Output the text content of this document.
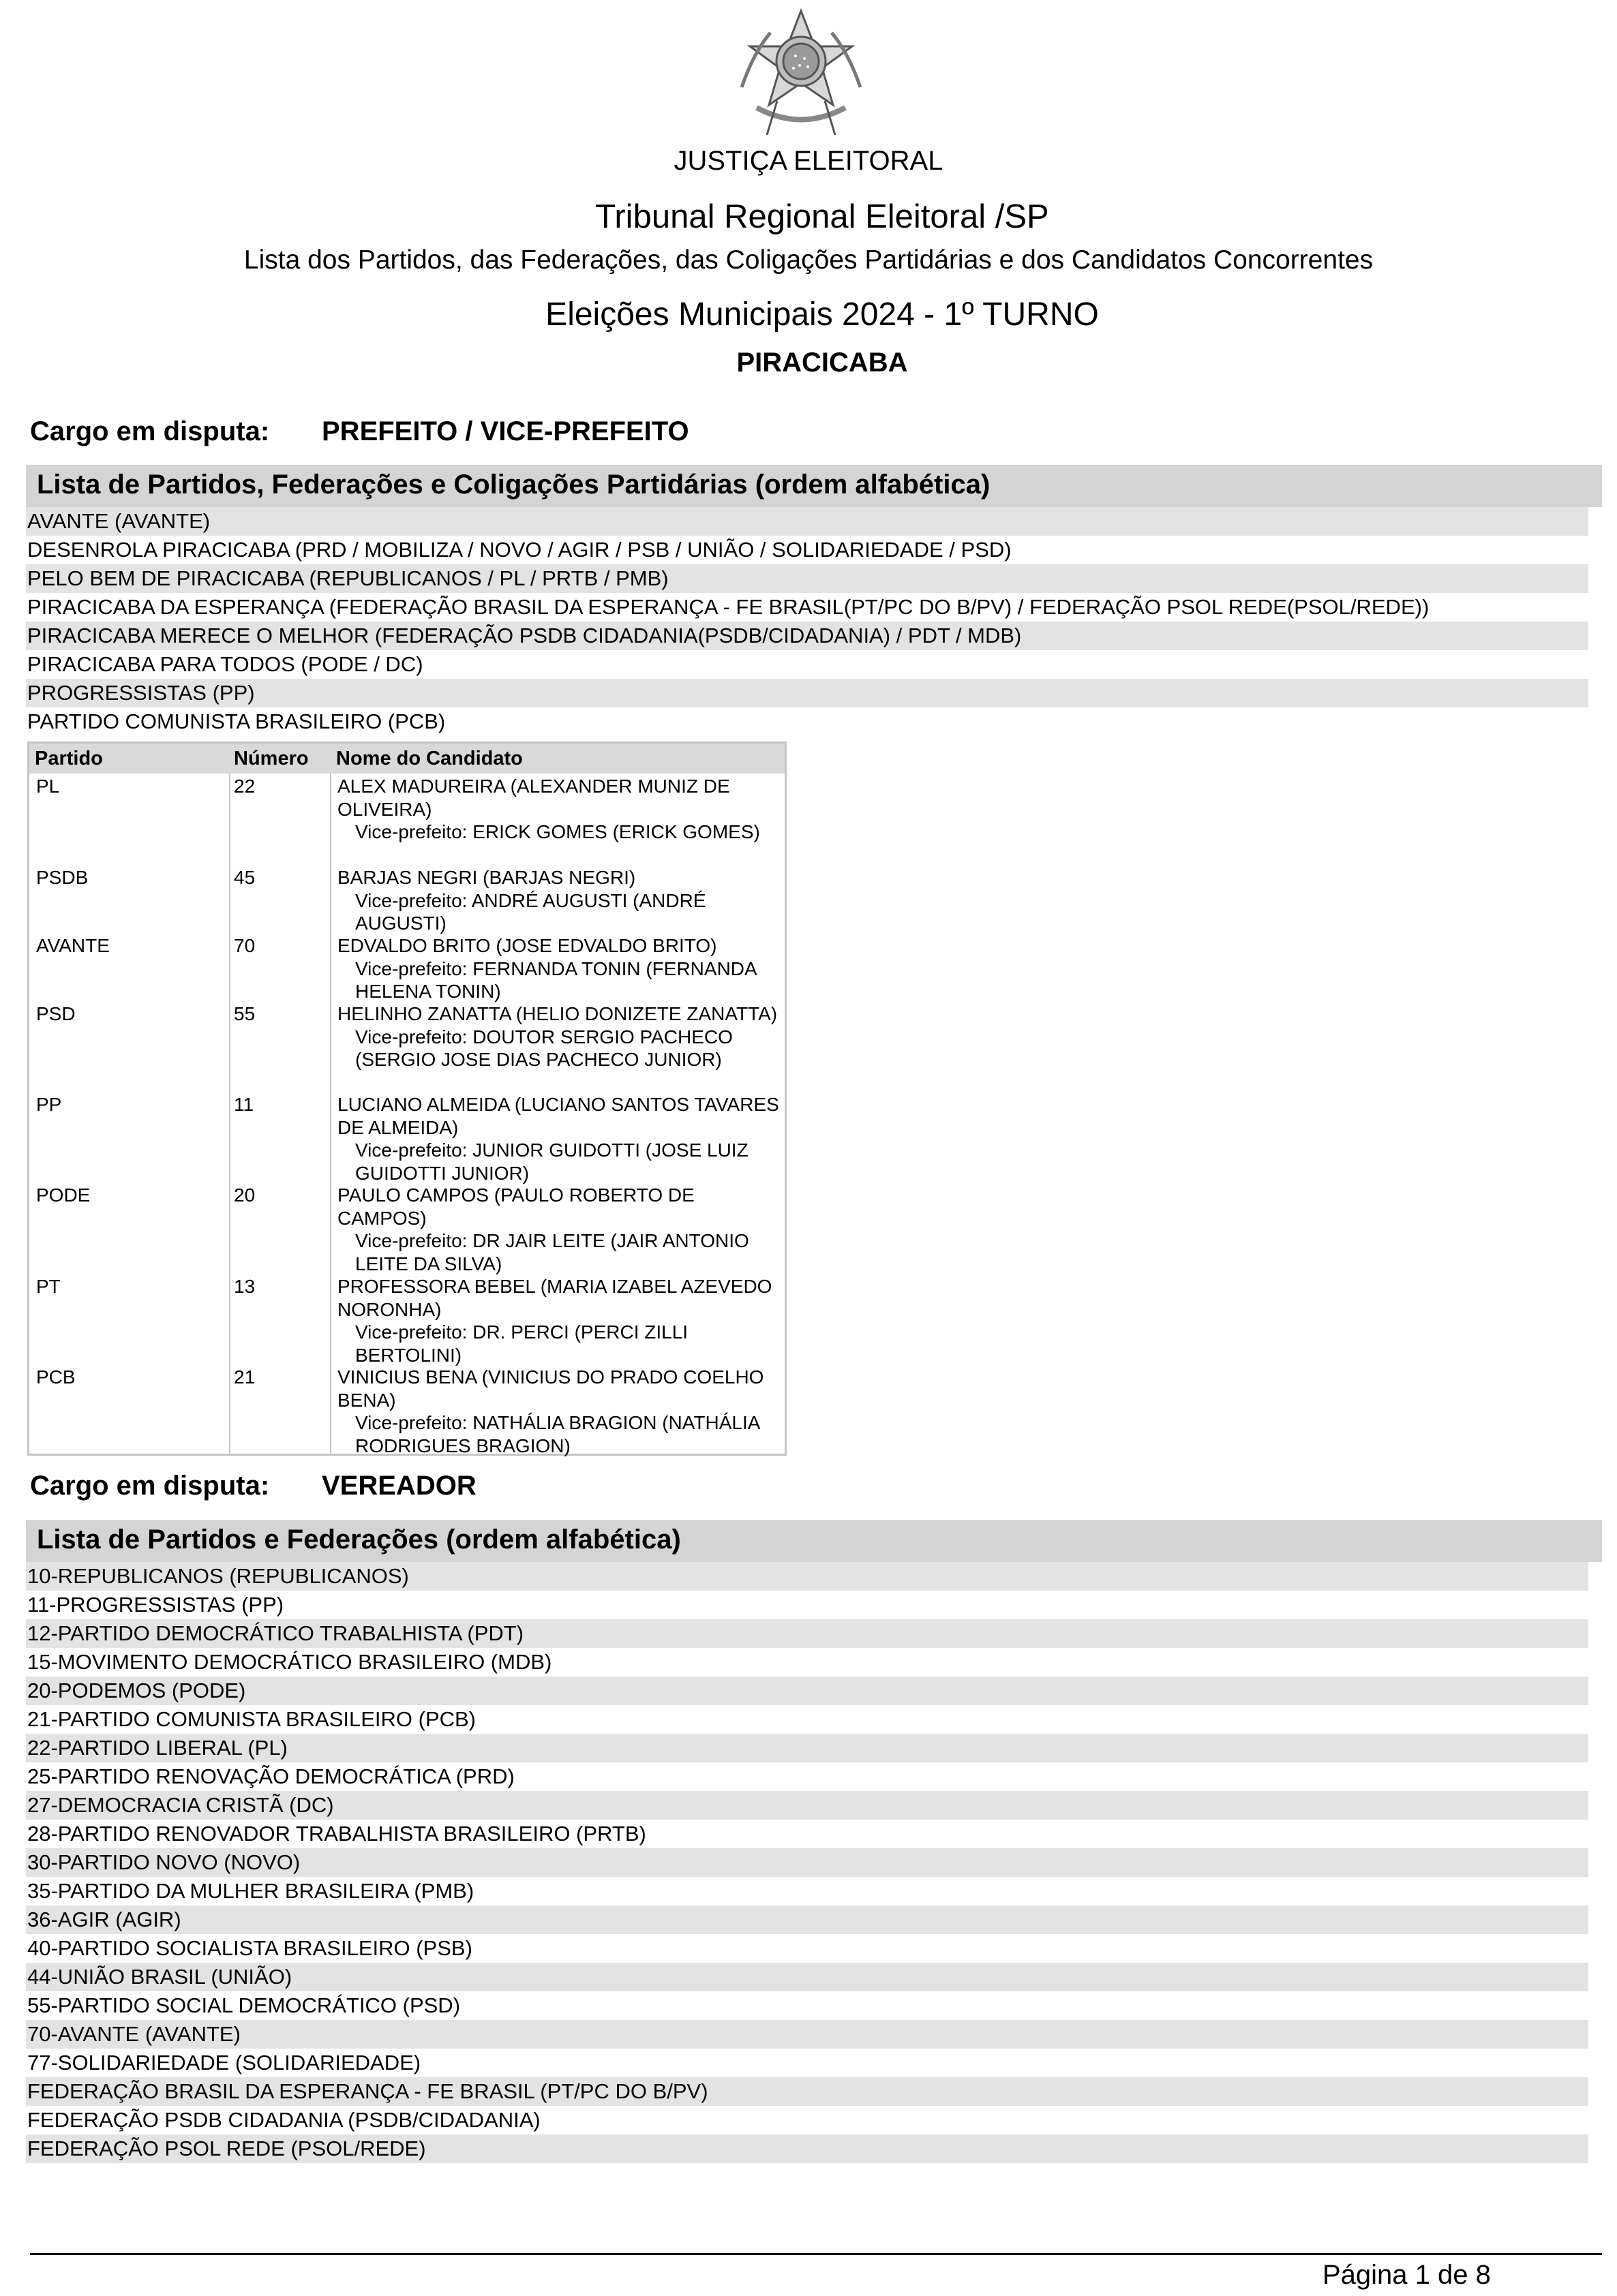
JUSTIÇA ELEITORAL
Tribunal Regional Eleitoral /SP
Lista dos Partidos, das Federações, das Coligações Partidárias e dos Candidatos Concorrentes
Eleições Municipais 2024 - 1º TURNO
PIRACICABA
Cargo em disputa: PREFEITO / VICE-PREFEITO
Lista de Partidos, Federações e Coligações Partidárias (ordem alfabética)
AVANTE (AVANTE)
DESENROLA PIRACICABA (PRD / MOBILIZA / NOVO / AGIR / PSB / UNIÃO / SOLIDARIEDADE / PSD)
PELO BEM DE PIRACICABA (REPUBLICANOS / PL / PRTB / PMB)
PIRACICABA DA ESPERANÇA (FEDERAÇÃO BRASIL DA ESPERANÇA - FE BRASIL(PT/PC DO B/PV) / FEDERAÇÃO PSOL REDE(PSOL/REDE))
PIRACICABA MERECE O MELHOR (FEDERAÇÃO PSDB CIDADANIA(PSDB/CIDADANIA) / PDT / MDB)
PIRACICABA PARA TODOS (PODE / DC)
PROGRESSISTAS (PP)
PARTIDO COMUNISTA BRASILEIRO (PCB)
Partido	Número Nome do Candidato
PL	22	ALEX MADUREIRA (ALEXANDER MUNIZ DE OLIVEIRA)
Vice-prefeito: ERICK GOMES (ERICK GOMES)
PSDB	45	BARJAS NEGRI (BARJAS NEGRI)
Vice-prefeito: ANDRÉ AUGUSTI (ANDRÉ AUGUSTI)
AVANTE	70	EDVALDO BRITO (JOSE EDVALDO BRITO)
Vice-prefeito: FERNANDA TONIN (FERNANDA HELENA TONIN)
PSD	55	HELINHO ZANATTA (HELIO DONIZETE ZANATTA)
Vice-prefeito: DOUTOR SERGIO PACHECO (SERGIO JOSE DIAS PACHECO JUNIOR)
PP	11	LUCIANO ALMEIDA (LUCIANO SANTOS TAVARES DE ALMEIDA)
Vice-prefeito: JUNIOR GUIDOTTI (JOSE LUIZ GUIDOTTI JUNIOR)
PODE	20	PAULO CAMPOS (PAULO ROBERTO DE CAMPOS)
Vice-prefeito: DR JAIR LEITE (JAIR ANTONIO LEITE DA SILVA)
PT	13	PROFESSORA BEBEL (MARIA IZABEL AZEVEDO NORONHA)
Vice-prefeito: DR. PERCI (PERCI ZILLI BERTOLINI)
PCB	21	VINICIUS BENA (VINICIUS DO PRADO COELHO BENA)
Vice-prefeito: NATHÁLIA BRAGION (NATHÁLIA RODRIGUES BRAGION)
Cargo em disputa: VEREADOR
Lista de Partidos e Federações (ordem alfabética)
10-REPUBLICANOS (REPUBLICANOS)
11-PROGRESSISTAS (PP)
12-PARTIDO DEMOCRÁTICO TRABALHISTA (PDT)
15-MOVIMENTO DEMOCRÁTICO BRASILEIRO (MDB)
20-PODEMOS (PODE)
21-PARTIDO COMUNISTA BRASILEIRO (PCB)
22-PARTIDO LIBERAL (PL)
25-PARTIDO RENOVAÇÃO DEMOCRÁTICA (PRD)
27-DEMOCRACIA CRISTÃ (DC)
28-PARTIDO RENOVADOR TRABALHISTA BRASILEIRO (PRTB)
30-PARTIDO NOVO (NOVO)
35-PARTIDO DA MULHER BRASILEIRA (PMB)
36-AGIR (AGIR)
40-PARTIDO SOCIALISTA BRASILEIRO (PSB)
44-UNIÃO BRASIL (UNIÃO)
55-PARTIDO SOCIAL DEMOCRÁTICO (PSD)
70-AVANTE (AVANTE)
77-SOLIDARIEDADE (SOLIDARIEDADE)
FEDERAÇÃO BRASIL DA ESPERANÇA - FE BRASIL (PT/PC DO B/PV)
FEDERAÇÃO PSDB CIDADANIA (PSDB/CIDADANIA)
FEDERAÇÃO PSOL REDE (PSOL/REDE)
Página 1 de 8
